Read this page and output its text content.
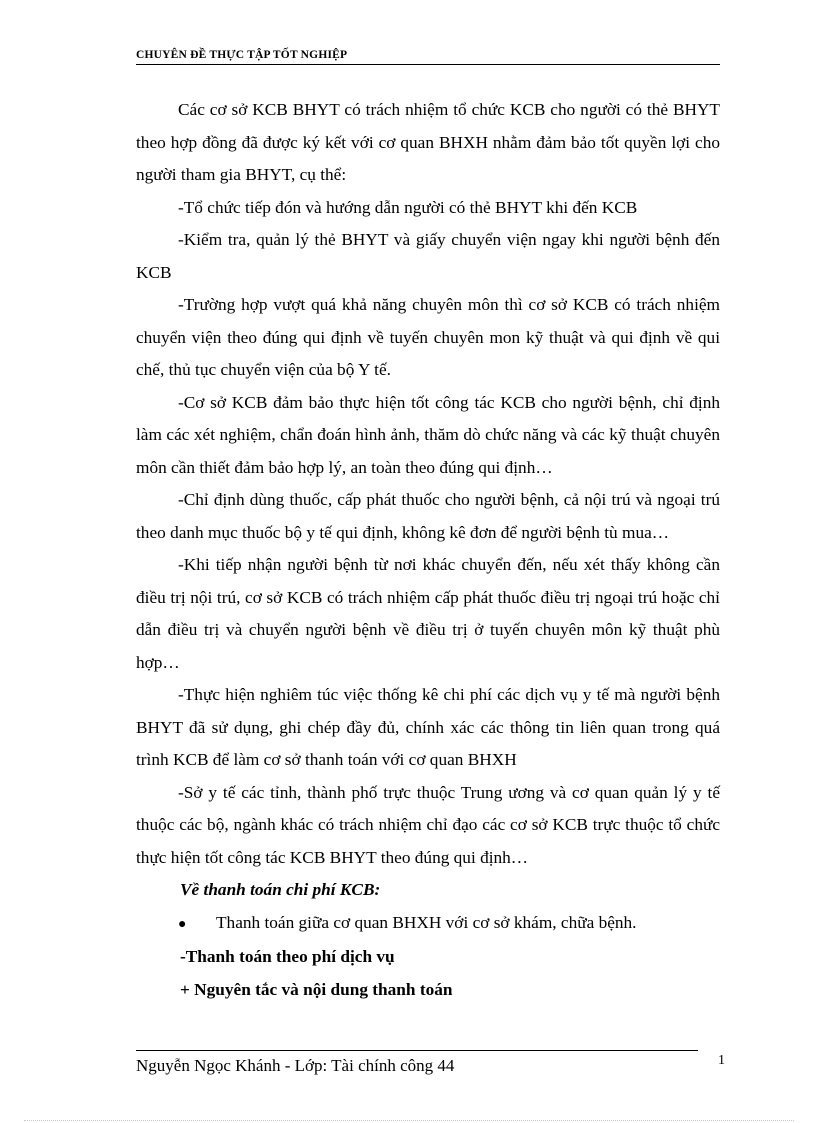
CHUYÊN ĐỀ THỰC TẬP TỐT NGHIỆP

Các cơ sở KCB BHYT có trách nhiệm tổ chức KCB cho người có thẻ BHYT theo hợp đồng đã được ký kết với cơ quan BHXH nhằm đảm bảo tốt quyền lợi cho người tham gia BHYT, cụ thể:

-Tổ chức tiếp đón và hướng dẫn người có thẻ BHYT khi đến KCB

-Kiểm tra, quản lý thẻ BHYT và giấy chuyển viện ngay khi người bệnh đến KCB

-Trường hợp vượt quá khả năng chuyên môn thì cơ sở KCB có trách nhiệm chuyển viện theo đúng qui định về tuyến chuyên mon kỹ thuật và qui định về qui chế, thủ tục chuyển viện của bộ Y tế.

-Cơ sở KCB đảm bảo thực hiện tốt công tác KCB cho người bệnh, chỉ định làm các xét nghiệm, chẩn đoán hình ảnh, thăm dò chức năng và các kỹ thuật chuyên môn cần thiết đảm bảo hợp lý, an toàn theo đúng qui định…

-Chỉ định dùng thuốc, cấp phát thuốc cho người bệnh, cả nội trú và ngoại trú theo danh mục thuốc bộ y tế qui định, không kê đơn để người bệnh tù mua…

-Khi tiếp nhận người bệnh từ nơi khác chuyển đến, nếu xét thấy không cần điều trị nội trú, cơ sở KCB có trách nhiệm cấp phát thuốc điều trị ngoại trú hoặc chỉ dẫn điều trị và chuyển người bệnh về điều trị ở tuyến chuyên môn kỹ thuật phù hợp…

-Thực hiện nghiêm túc việc thống kê chi phí các dịch vụ y tế mà người bệnh BHYT đã sử dụng, ghi chép đầy đủ, chính xác các thông tin liên quan trong quá trình KCB để làm cơ sở thanh toán với cơ quan BHXH

-Sở y tế các tỉnh, thành phố trực thuộc Trung ương và cơ quan quản lý y tế thuộc các bộ, ngành khác có trách nhiệm chỉ đạo các cơ sở KCB trực thuộc tổ chức thực hiện tốt công tác KCB BHYT theo đúng qui định…

Về thanh toán chi phí KCB:

●	Thanh toán giữa cơ quan BHXH với cơ sở khám, chữa bệnh.

-Thanh toán theo phí dịch vụ

+ Nguyên tắc và nội dung thanh toán

Nguyễn Ngọc Khánh - Lớp: Tài chính công 44	1
